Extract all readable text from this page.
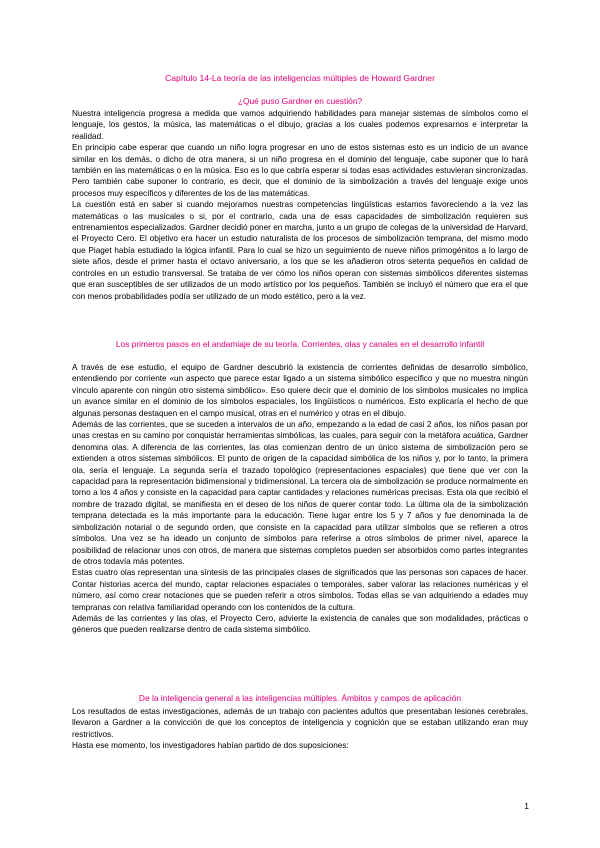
Capítulo 14-La teoría de las inteligencias múltiples de Howard Gardner
¿Qué puso Gardner en cuestión?

Nuestra inteligencia progresa a medida que vamos adquiriendo habilidades para manejar sistemas de símbolos como el lenguaje, los gestos, la música, las matemáticas o el dibujo, gracias a los cuales podemos expresarnos e interpretar la realidad.

En principio cabe esperar que cuando un niño logra progresar en uno de estos sistemas esto es un indicio de un avance similar en los demás, o dicho de otra manera, si un niño progresa en el dominio del lenguaje, cabe suponer que lo hará también en las matemáticas o en la música. Eso es lo que cabría esperar si todas esas actividades estuvieran sincronizadas. Pero también cabe suponer lo contrario, es decir, que el dominio de la simbolización a través del lenguaje exige unos procesos muy específicos y diferentes de los de las matemáticas.

La cuestión está en saber si cuando mejoramos nuestras competencias lingüísticas estamos favoreciendo a la vez las matemáticas o las musicales o si, por el contrario, cada una de esas capacidades de simbolización requieren sus entrenamientos especializados. Gardner decidió poner en marcha, junto a un grupo de colegas de la universidad de Harvard, el Proyecto Cero. El objetivo era hacer un estudio naturalista de los procesos de simbolización temprana, del mismo modo que Piaget había estudiado la lógica infantil. Para lo cual se hizo un seguimiento de nueve niños primogénitos a lo largo de siete años, desde el primer hasta el octavo aniversario, a los que se les añadieron otros setenta pequeños en calidad de controles en un estudio transversal. Se trataba de ver cómo los niños operan con sistemas simbólicos diferentes sistemas que eran susceptibles de ser utilizados de un modo artístico por los pequeños. También se incluyó el número que era el que con menos probabilidades podía ser utilizado de un modo estético, pero a la vez.

Los primeros pasos en el andamiaje de su teoría. Corrientes, olas y canales en el desarrollo infantil

A través de ese estudio, el equipo de Gardner descubrió la existencia de corrientes definidas de desarrollo simbólico, entendiendo por corriente «un aspecto que parece estar ligado a un sistema simbólico específico y que no muestra ningún vínculo aparente con ningún otro sistema simbólico». Eso quiere decir que el dominio de los símbolos musicales no implica un avance similar en el dominio de los símbolos espaciales, los lingüísticos o numéricos. Esto explicaría el hecho de que algunas personas destaquen en el campo musical, otras en el numérico y otras en el dibujo.

Además de las corrientes, que se suceden a intervalos de un año, empezando a la edad de casi 2 años, los niños pasan por unas crestas en su camino por conquistar herramientas simbólicas, las cuales, para seguir con la metáfora acuática, Gardner denomina olas. A diferencia de las corrientes, las olas comienzan dentro de un único sistema de simbolización pero se extienden a otros sistemas simbólicos. El punto de origen de la capacidad simbólica de los niños y, por lo tanto, la primera ola, sería el lenguaje. La segunda sería el trazado topológico (representaciones espaciales) que tiene que ver con la capacidad para la representación bidimensional y tridimensional. La tercera ola de simbolización se produce normalmente en torno a los 4 años y consiste en la capacidad para captar cantidades y relaciones numéricas precisas. Esta ola que recibió el nombre de trazado digital, se manifiesta en el deseo de los niños de querer contar todo. La última ola de la simbolización temprana detectada es la más importante para la educación. Tiene lugar entre los 5 y 7 años y fue denominada la de simbolización notarial o de segundo orden, que consiste en la capacidad para utilizar símbolos que se refieren a otros símbolos. Una vez se ha ideado un conjunto de símbolos para referirse a otros símbolos de primer nivel, aparece la posibilidad de relacionar unos con otros, de manera que sistemas completos pueden ser absorbidos como partes integrantes de otros todavía más potentes.

Estas cuatro olas representan una síntesis de las principales clases de significados que las personas son capaces de hacer. Contar historias acerca del mundo, captar relaciones espaciales o temporales, saber valorar las relaciones numéricas y el número, así como crear notaciones que se pueden referir a otros símbolos. Todas ellas se van adquiriendo a edades muy tempranas con relativa familiaridad operando con los contenidos de la cultura.

Además de las corrientes y las olas, el Proyecto Cero, advierte la existencia de canales que son modalidades, prácticas o géneros que pueden realizarse dentro de cada sistema simbólico.

De la inteligencia general a las inteligencias múltiples. Ámbitos y campos de aplicación

Los resultados de estas investigaciones, además de un trabajo con pacientes adultos que presentaban lesiones cerebrales, llevaron a Gardner a la convicción de que los conceptos de inteligencia y cognición que se estaban utilizando eran muy restrictivos.

Hasta ese momento, los investigadores habían partido de dos suposiciones:

1
